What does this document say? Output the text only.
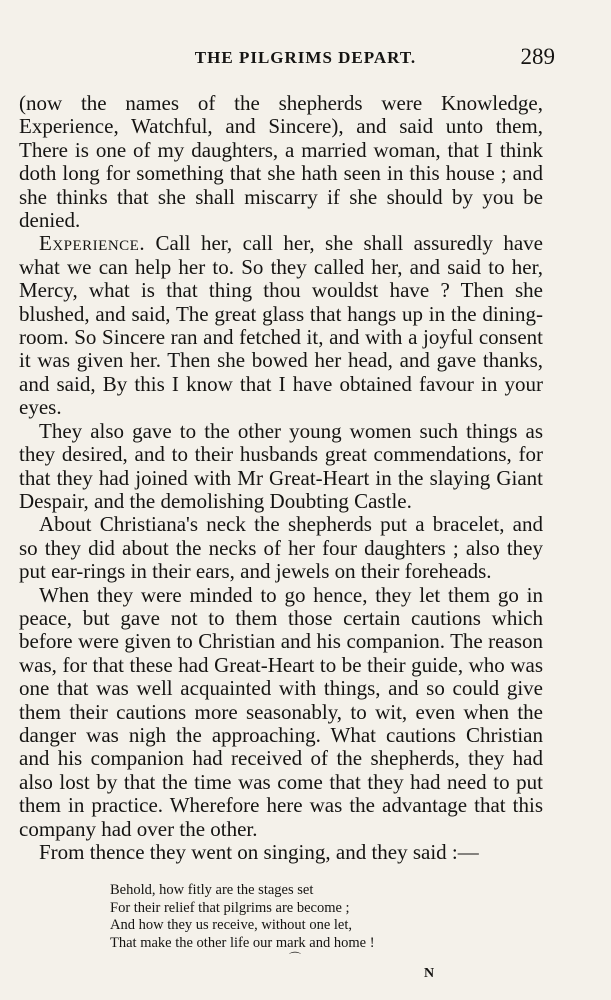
THE PILGRIMS DEPART.	289

(now the names of the shepherds were Knowledge, Experience, Watchful, and Sincere), and said unto them, There is one of my daughters, a married woman, that I think doth long for something that she hath seen in this house ; and she thinks that she shall miscarry if she should by you be denied.

Experience. Call her, call her, she shall assuredly have what we can help her to. So they called her, and said to her, Mercy, what is that thing thou wouldst have ? Then she blushed, and said, The great glass that hangs up in the dining-room. So Sincere ran and fetched it, and with a joyful consent it was given her. Then she bowed her head, and gave thanks, and said, By this I know that I have obtained favour in your eyes.

They also gave to the other young women such things as they desired, and to their husbands great commendations, for that they had joined with Mr Great-Heart in the slaying Giant Despair, and the demolishing Doubting Castle.

About Christiana's neck the shepherds put a bracelet, and so they did about the necks of her four daughters ; also they put ear-rings in their ears, and jewels on their foreheads.

When they were minded to go hence, they let them go in peace, but gave not to them those certain cautions which before were given to Christian and his companion. The reason was, for that these had Great-Heart to be their guide, who was one that was well acquainted with things, and so could give them their cautions more seasonably, to wit, even when the danger was nigh the approaching. What cautions Christian and his companion had received of the shepherds, they had also lost by that the time was come that they had need to put them in practice. Wherefore here was the advantage that this company had over the other.

From thence they went on singing, and they said :—

Behold, how fitly are the stages set
For their relief that pilgrims are become ;
And how they us receive, without one let,
That make the other life our mark and home !
⌒
N
